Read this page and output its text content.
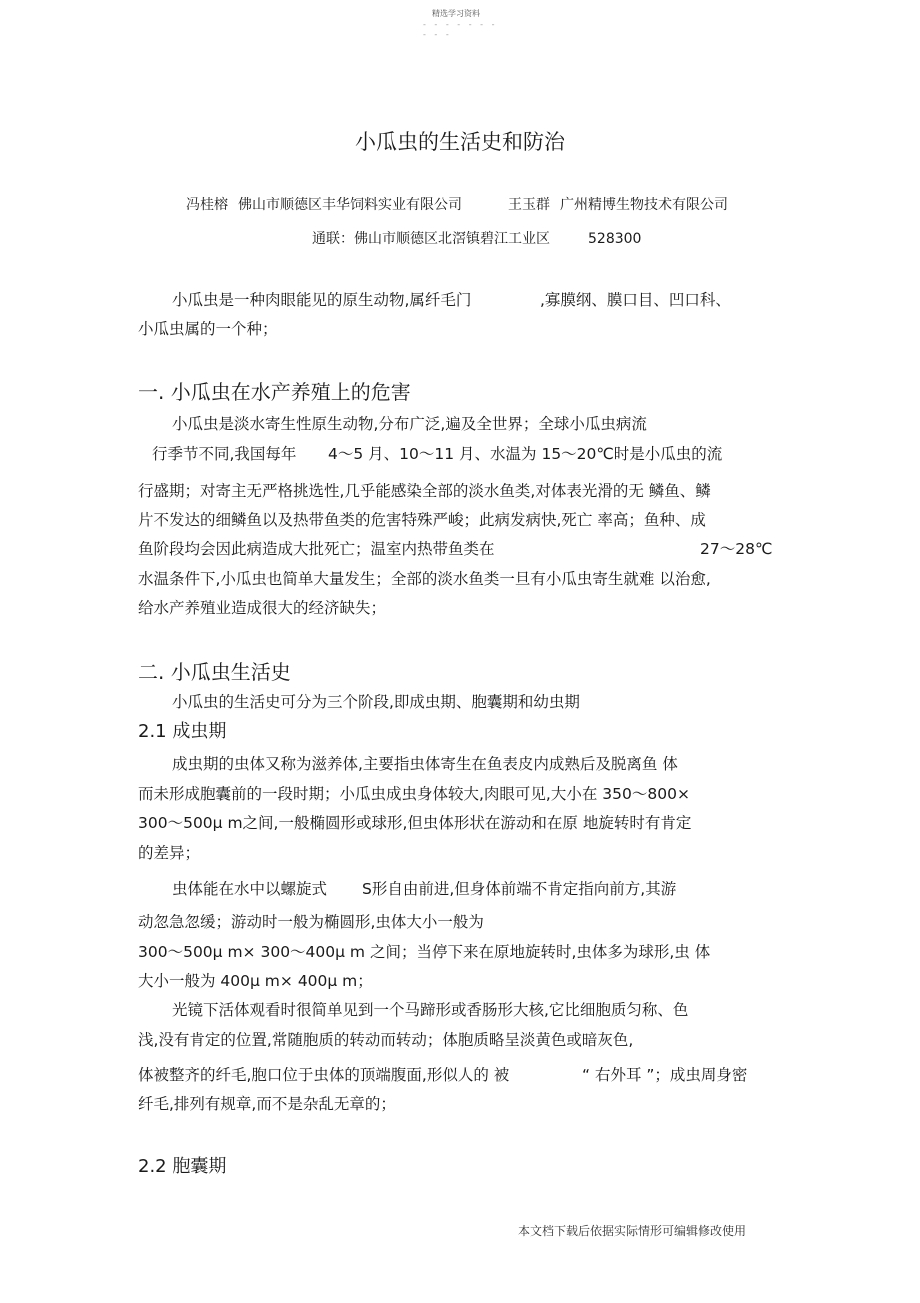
精选学习资料
- - - - - - -
- - -
小瓜虫的生活史和防治
冯桂榕 佛山市顺德区丰华饲料实业有限公司	王玉群 广州精博生物技术有限公司
通联：佛山市顺德区北滘镇碧江工业区	528300
小瓜虫是一种肉眼能见的原生动物,属纤毛门	,寡膜纲、膜口目、凹口科、
小瓜虫属的一个种；
一. 小瓜虫在水产养殖上的危害
小瓜虫是淡水寄生性原生动物,分布广泛,遍及全世界；全球小瓜虫病流
行季节不同,我国每年 4～5 月、10～11 月、水温为 15～20℃时是小瓜虫的流
行盛期；对寄主无严格挑选性,几乎能感染全部的淡水鱼类,对体表光滑的无 鳞鱼、鳞
片不发达的细鳞鱼以及热带鱼类的危害特殊严峻；此病发病快,死亡 率高；鱼种、成
鱼阶段均会因此病造成大批死亡；温室内热带鱼类在	27～28℃
水温条件下,小瓜虫也简单大量发生；全部的淡水鱼类一旦有小瓜虫寄生就难 以治愈,
给水产养殖业造成很大的经济缺失；
二. 小瓜虫生活史
小瓜虫的生活史可分为三个阶段,即成虫期、胞囊期和幼虫期
2.1 成虫期
成虫期的虫体又称为滋养体,主要指虫体寄生在鱼表皮内成熟后及脱离鱼 体
而未形成胞囊前的一段时期；小瓜虫成虫身体较大,肉眼可见,大小在 350～800×
300～500μ m之间,一般椭圆形或球形,但虫体形状在游动和在原 地旋转时有肯定
的差异；
虫体能在水中以螺旋式 S形自由前进,但身体前端不肯定指向前方,其游
动忽急忽缓；游动时一般为椭圆形,虫体大小一般为
300～500μ m× 300～400μ m 之间；当停下来在原地旋转时,虫体多为球形,虫 体
大小一般为 400μ m× 400μ m；
光镜下活体观看时很简单见到一个马蹄形或香肠形大核,它比细胞质匀称、色
浅,没有肯定的位置,常随胞质的转动而转动；体胞质略呈淡黄色或暗灰色,
体被整齐的纤毛,胞口位于虫体的顶端腹面,形似人的 被	“ 右外耳 ”；成虫周身密
纤毛,排列有规章,而不是杂乱无章的；
2.2 胞囊期
本文档下载后依据实际情形可编辑修改使用
